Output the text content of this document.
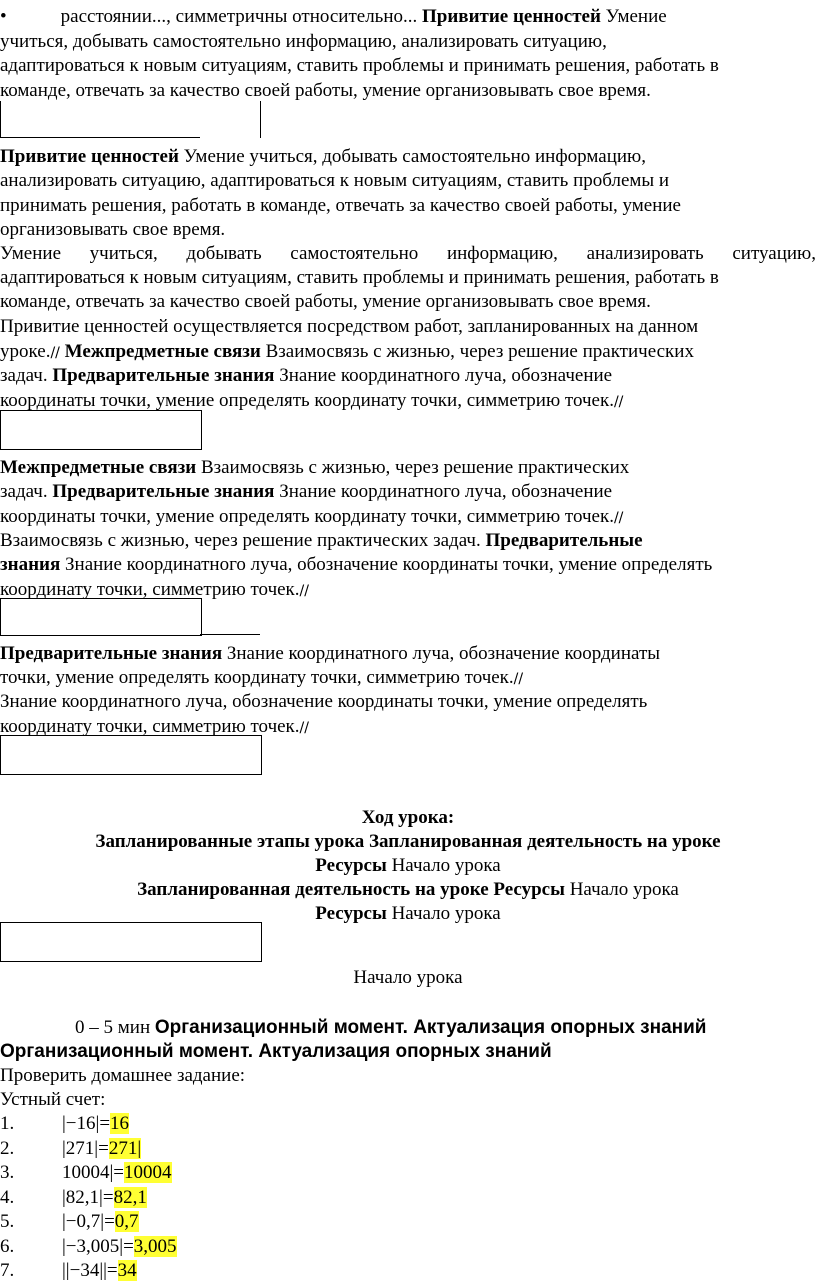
•	расстоянии..., симметричны относительно... Привитие ценностей Умение
учиться, добывать самостоятельно информацию, анализировать ситуацию,
адаптироваться к новым ситуациям, ставить проблемы и принимать решения, работать в
команде, отвечать за качество своей работы, умение организовывать свое время.
Привитие ценностей Умение учиться, добывать самостоятельно информацию,
анализировать ситуацию, адаптироваться к новым ситуациям, ставить проблемы и
принимать решения, работать в команде, отвечать за качество своей работы, умение
организовывать свое время.
Умение учиться, добывать самостоятельно информацию, анализировать ситуацию,
адаптироваться к новым ситуациям, ставить проблемы и принимать решения, работать в
команде, отвечать за качество своей работы, умение организовывать свое время.
Привитие ценностей осуществляется посредством работ, запланированных на данном
уроке.// Межпредметные связи Взаимосвязь с жизнью, через решение практических
задач. Предварительные знания Знание координатного луча, обозначение
координаты точки, умение определять координату точки, симметрию точек.//
Межпредметные связи Взаимосвязь с жизнью, через решение практических
задач. Предварительные знания Знание координатного луча, обозначение
координаты точки, умение определять координату точки, симметрию точек.//
Взаимосвязь с жизнью, через решение практических задач. Предварительные
знания Знание координатного луча, обозначение координаты точки, умение определять
координату точки, симметрию точек.//
Предварительные знания Знание координатного луча, обозначение координаты
точки, умение определять координату точки, симметрию точек.//
Знание координатного луча, обозначение координаты точки, умение определять
координату точки, симметрию точек.//
Ход урока:
Запланированные этапы урока Запланированная деятельность на уроке
Ресурсы Начало урока
Запланированная деятельность на уроке Ресурсы Начало урока
Ресурсы Начало урока
Начало урока
0 – 5 мин Организационный момент. Актуализация опорных знаний
Организационный момент. Актуализация опорных знаний
Проверить домашнее задание:
Устный счет:
1.	|−16|=16
2.	|271|=271|
3.	10004|=10004
4.	|82,1|=82,1
5.	|−0,7|=0,7
6.	|−3,005|=3,005
7.	||−34||=34
